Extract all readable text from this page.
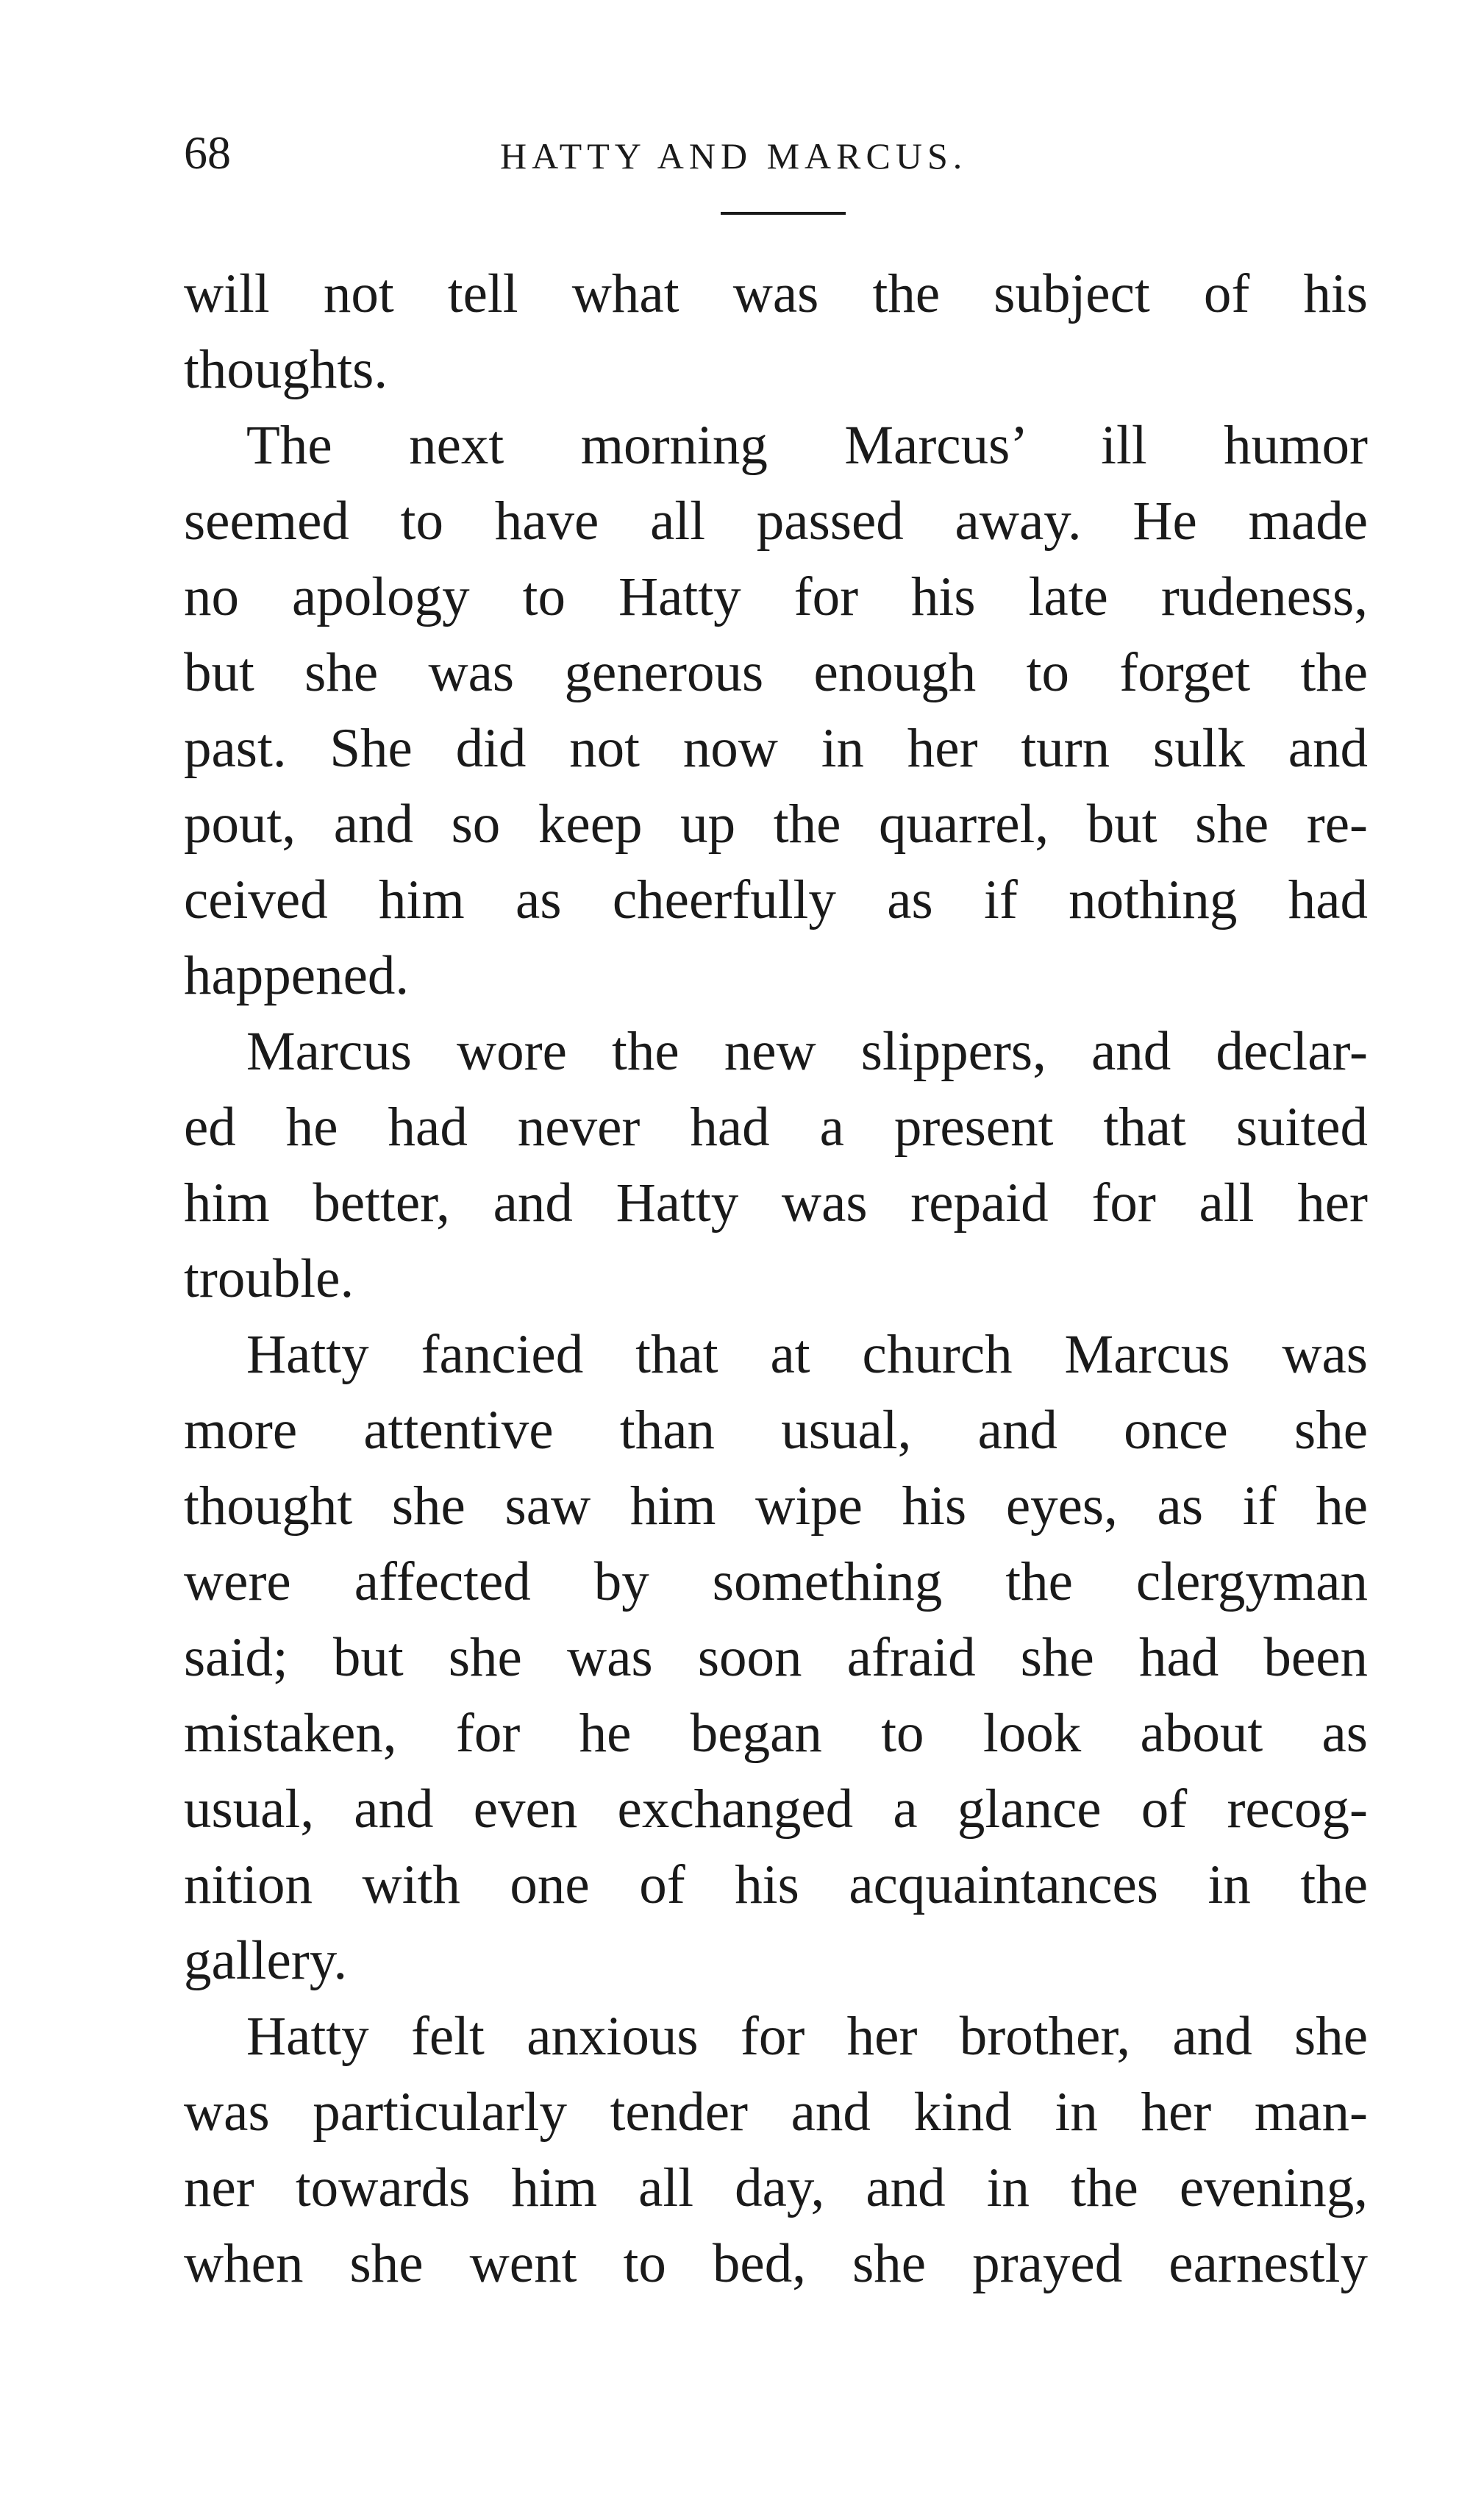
68	HATTY AND MARCUS.
will not tell what was the subject of his
thoughts.
The next morning Marcus’ ill humor
seemed to have all passed away. He made
no apology to Hatty for his late rudeness,
but she was generous enough to forget the
past. She did not now in her turn sulk and
pout, and so keep up the quarrel, but she re-
ceived him as cheerfully as if nothing had
happened.
Marcus wore the new slippers, and declar-
ed he had never had a present that suited
him better, and Hatty was repaid for all her
trouble.
Hatty fancied that at church Marcus was
more attentive than usual, and once she
thought she saw him wipe his eyes, as if he
were affected by something the clergyman
said; but she was soon afraid she had been
mistaken, for he began to look about as
usual, and even exchanged a glance of recog-
nition with one of his acquaintances in the
gallery.
Hatty felt anxious for her brother, and she
was particularly tender and kind in her man-
ner towards him all day, and in the evening,
when she went to bed, she prayed earnestly
